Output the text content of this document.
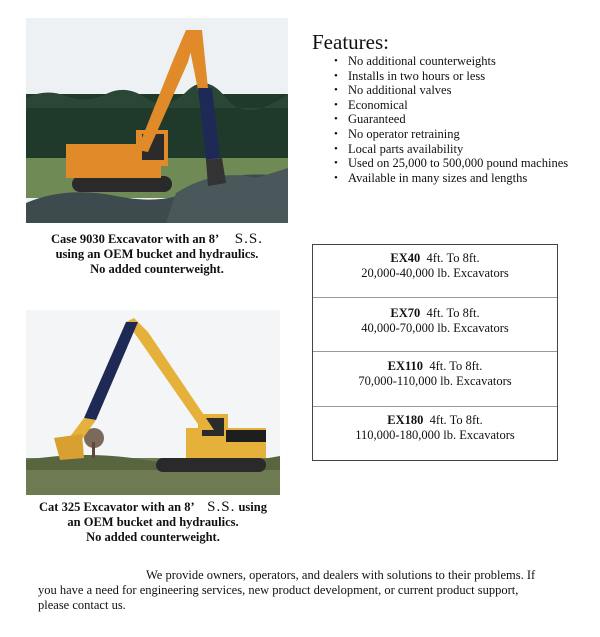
Case 9030 Excavator with an 8’ S.S.
using an OEM bucket and hydraulics.
No added counterweight.
Features:
• No additional counterweights
• Installs in two hours or less
• No additional valves
• Economical
• Guaranteed
• No operator retraining
• Local parts availability
• Used on 25,000 to 500,000 pound machines
• Available in many sizes and lengths
EX40 4ft. To 8ft.
20,000-40,000 lb. Excavators
EX70 4ft. To 8ft.
40,000-70,000 lb. Excavators
EX110 4ft. To 8ft.
70,000-110,000 lb. Excavators
EX180 4ft. To 8ft.
110,000-180,000 lb. Excavators
Cat 325 Excavator with an 8’ S.S. using
an OEM bucket and hydraulics.
No added counterweight.
We provide owners, operators, and dealers with solutions to their problems. If you have a need for engineering services, new product development, or current product support, please contact us.
